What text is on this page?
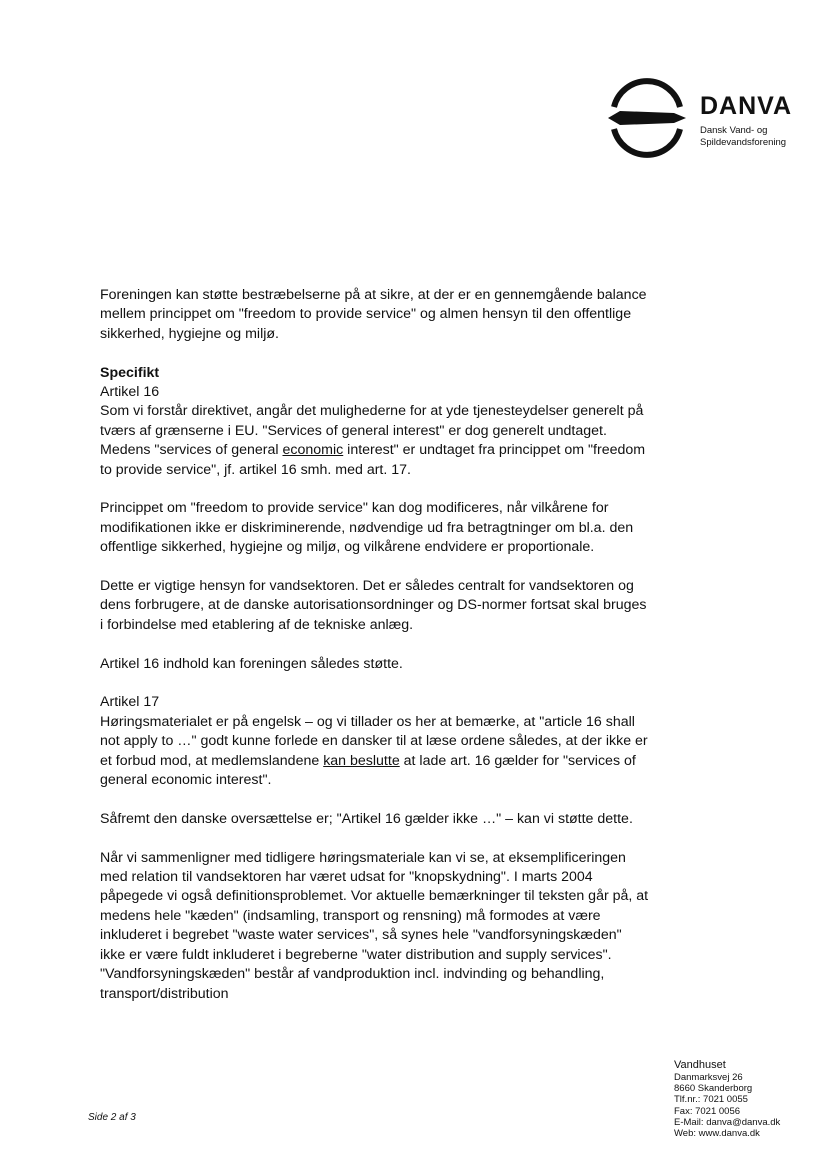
DANVA
Dansk Vand- og
Spildevandsforening

Foreningen kan støtte bestræbelserne på at sikre, at der er en gennemgående balance mellem princippet om "freedom to provide service" og almen hensyn til den offentlige sikkerhed, hygiejne og miljø.

Specifikt

Artikel 16

Som vi forstår direktivet, angår det mulighederne for at yde tjenesteydelser generelt på tværs af grænserne i EU. "Services of general interest" er dog generelt undtaget. Medens "services of general economic interest" er undtaget fra princippet om "freedom to provide service", jf. artikel 16 smh. med art. 17.

Princippet om "freedom to provide service" kan dog modificeres, når vilkårene for modifikationen ikke er diskriminerende, nødvendige ud fra betragtninger om bl.a. den offentlige sikkerhed, hygiejne og miljø, og vilkårene endvidere er proportionale.

Dette er vigtige hensyn for vandsektoren. Det er således centralt for vandsektoren og dens forbrugere, at de danske autorisationsordninger og DS-normer fortsat skal bruges i forbindelse med etablering af de tekniske anlæg.

Artikel 16 indhold kan foreningen således støtte.

Artikel 17

Høringsmaterialet er på engelsk – og vi tillader os her at bemærke, at "article 16 shall not apply to …" godt kunne forlede en dansker til at læse ordene således, at der ikke er et forbud mod, at medlemslandene kan beslutte at lade art. 16 gælder for "services of general economic interest".

Såfremt den danske oversættelse er; "Artikel 16 gælder ikke …" – kan vi støtte dette.

Når vi sammenligner med tidligere høringsmateriale kan vi se, at eksemplificeringen med relation til vandsektoren har været udsat for "knopskydning". I marts 2004 påpegede vi også definitionsproblemet. Vor aktuelle bemærkninger til teksten går på, at medens hele "kæden" (indsamling, transport og rensning) må formodes at være inkluderet i begrebet "waste water services", så synes hele "vandforsyningskæden" ikke er være fuldt inkluderet i begreberne "water distribution and supply services". "Vandforsyningskæden" består af vandproduktion incl. indvinding og behandling, transport/distribution

Vandhuset
Danmarksvej 26
8660 Skanderborg
Tlf.nr.: 7021 0055
Fax: 7021 0056
E-Mail: danva@danva.dk
Web: www.danva.dk
Side 2 af 3
